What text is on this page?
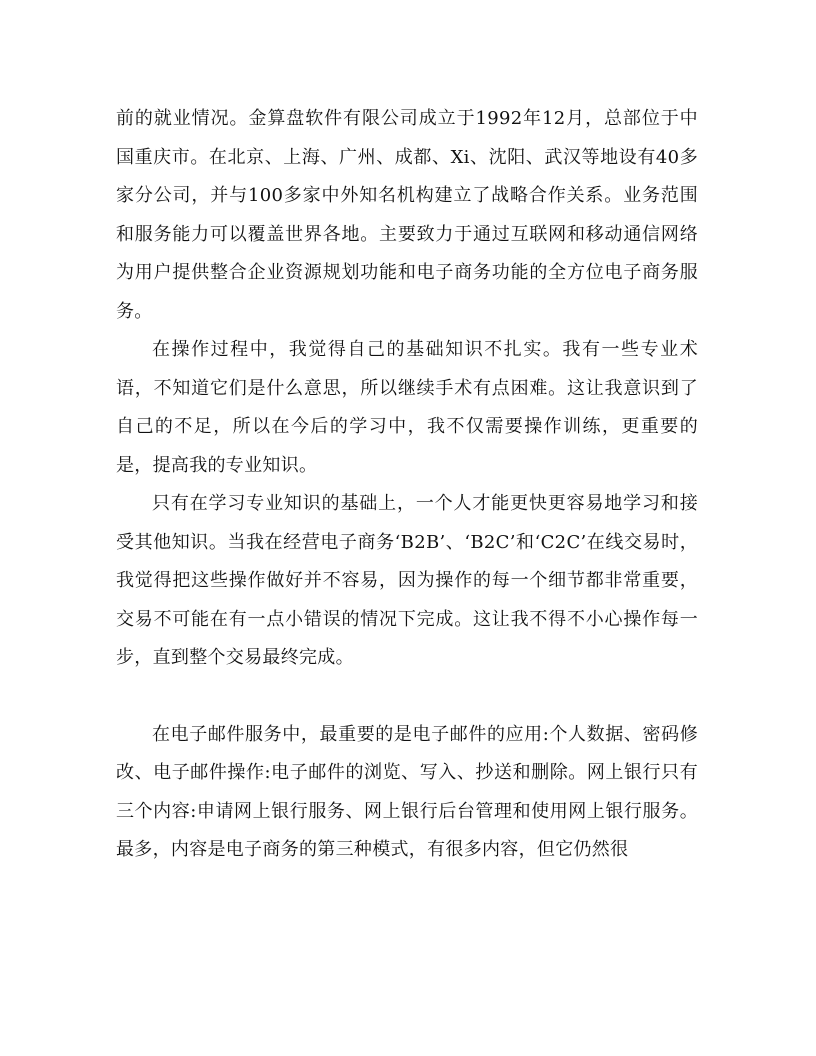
前的就业情况。金算盘软件有限公司成立于1992年12月，总部位于中国重庆市。在北京、上海、广州、成都、Xi、沈阳、武汉等地设有40多家分公司，并与100多家中外知名机构建立了战略合作关系。业务范围和服务能力可以覆盖世界各地。主要致力于通过互联网和移动通信网络为用户提供整合企业资源规划功能和电子商务功能的全方位电子商务服务。

在操作过程中，我觉得自己的基础知识不扎实。我有一些专业术语，不知道它们是什么意思，所以继续手术有点困难。这让我意识到了自己的不足，所以在今后的学习中，我不仅需要操作训练，更重要的是，提高我的专业知识。

只有在学习专业知识的基础上，一个人才能更快更容易地学习和接受其他知识。当我在经营电子商务‘B2B’、‘B2C’和‘C2C’在线交易时，我觉得把这些操作做好并不容易，因为操作的每一个细节都非常重要，交易不可能在有一点小错误的情况下完成。这让我不得不小心操作每一步，直到整个交易最终完成。

在电子邮件服务中，最重要的是电子邮件的应用:个人数据、密码修改、电子邮件操作:电子邮件的浏览、写入、抄送和删除。网上银行只有三个内容:申请网上银行服务、网上银行后台管理和使用网上银行服务。最多，内容是电子商务的第三种模式，有很多内容，但它仍然很
